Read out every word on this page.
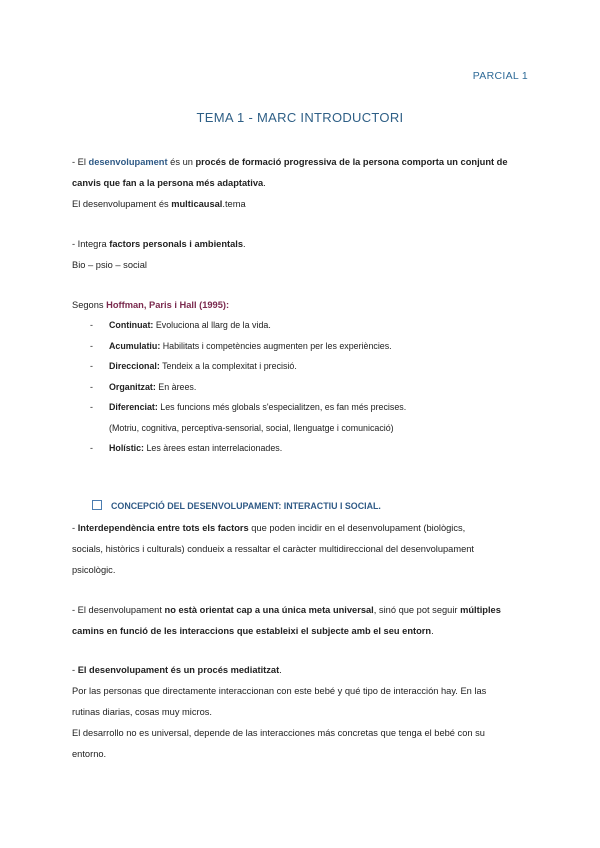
PARCIAL 1
TEMA 1 - MARC INTRODUCTORI
- El desenvolupament és un procés de formació progressiva de la persona comporta un conjunt de
canvis que fan a la persona més adaptativa.
El desenvolupament és multicausal.tema
- Integra factors personals i ambientals.
Bio – psio – social
Segons Hoffman, Paris i Hall (1995):
- Continuat: Evoluciona al llarg de la vida.
- Acumulatiu: Habilitats i competències augmenten per les experiències.
- Direccional: Tendeix a la complexitat i precisió.
- Organitzat: En àrees.
- Diferenciat: Les funcions més globals s'especialitzen, es fan més precises.
(Motriu, cognitiva, perceptiva-sensorial, social, llenguatge i comunicació)
- Holístic: Les àrees estan interrelacionades.
CONCEPCIÓ DEL DESENVOLUPAMENT: INTERACTIU I SOCIAL.
- Interdependència entre tots els factors que poden incidir en el desenvolupament (biològics,
socials, històrics i culturals) condueix a ressaltar el caràcter multidireccional del desenvolupament
psicològic.
- El desenvolupament no està orientat cap a una única meta universal, sinó que pot seguir múltiples
camins en funció de les interaccions que estableixi el subjecte amb el seu entorn.
- El desenvolupament és un procés mediatitzat.
Por las personas que directamente interaccionan con este bebé y qué tipo de interacción hay. En las
rutinas diarias, cosas muy micros.
El desarrollo no es universal, depende de las interacciones más concretas que tenga el bebé con su
entorno.
